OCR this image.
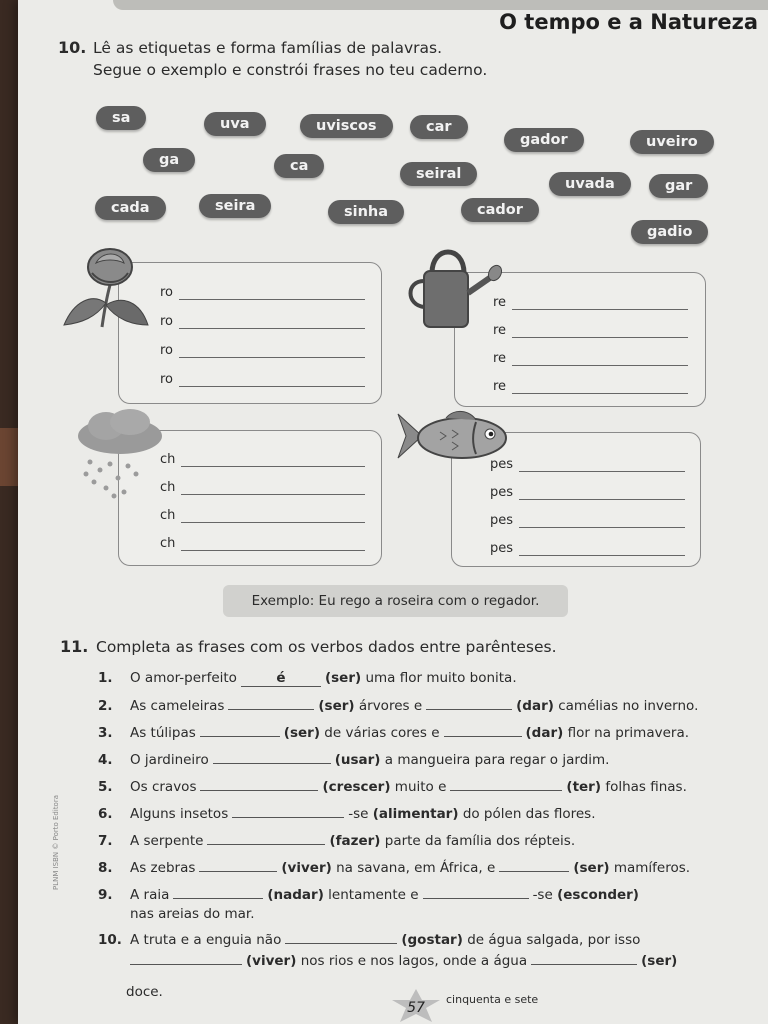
O tempo e a Natureza
10. Lê as etiquetas e forma famílias de palavras.
Segue o exemplo e constrói frases no teu caderno.
sa	uva	uviscos	car
gador	uveiro
ga	ca	seiral
uvada	gar
cada	seira	sinha	cador
gadio
ro
ro
ro
ro
re
re
re
re
ch
ch
ch
ch
pes
pes
pes
pes
Exemplo: Eu rego a roseira com o regador.
11. Completa as frases com os verbos dados entre parênteses.
1.	O amor-perfeito	é	(ser)
uma flor muito bonita.
2.	As cameleiras	(ser)
árvores e	(dar)
camélias no inverno.
3.	As túlipas	(ser)
de várias cores e	(dar)
flor na primavera.
4.	O jardineiro	(usar)
a mangueira para regar o jardim.
5.	Os cravos	(crescer)
muito e	(ter)
folhas finas.
6.	Alguns insetos	-se
(alimentar)
do pólen das flores.
7.	A serpente	(fazer)
parte da família dos répteis.
8.	As zebras	(viver)
na savana, em África, e	(ser)
mamíferos.
9.	A raia	(nadar)
lentamente e	-se
(esconder)
nas areias do mar.
10. A truta e a enguia não	(gostar)
de água salgada, por isso
(viver)
nos rios e nos lagos, onde a água	(ser)
doce.
57
cinquenta e sete
PLNM ISBN © Porto Editora
